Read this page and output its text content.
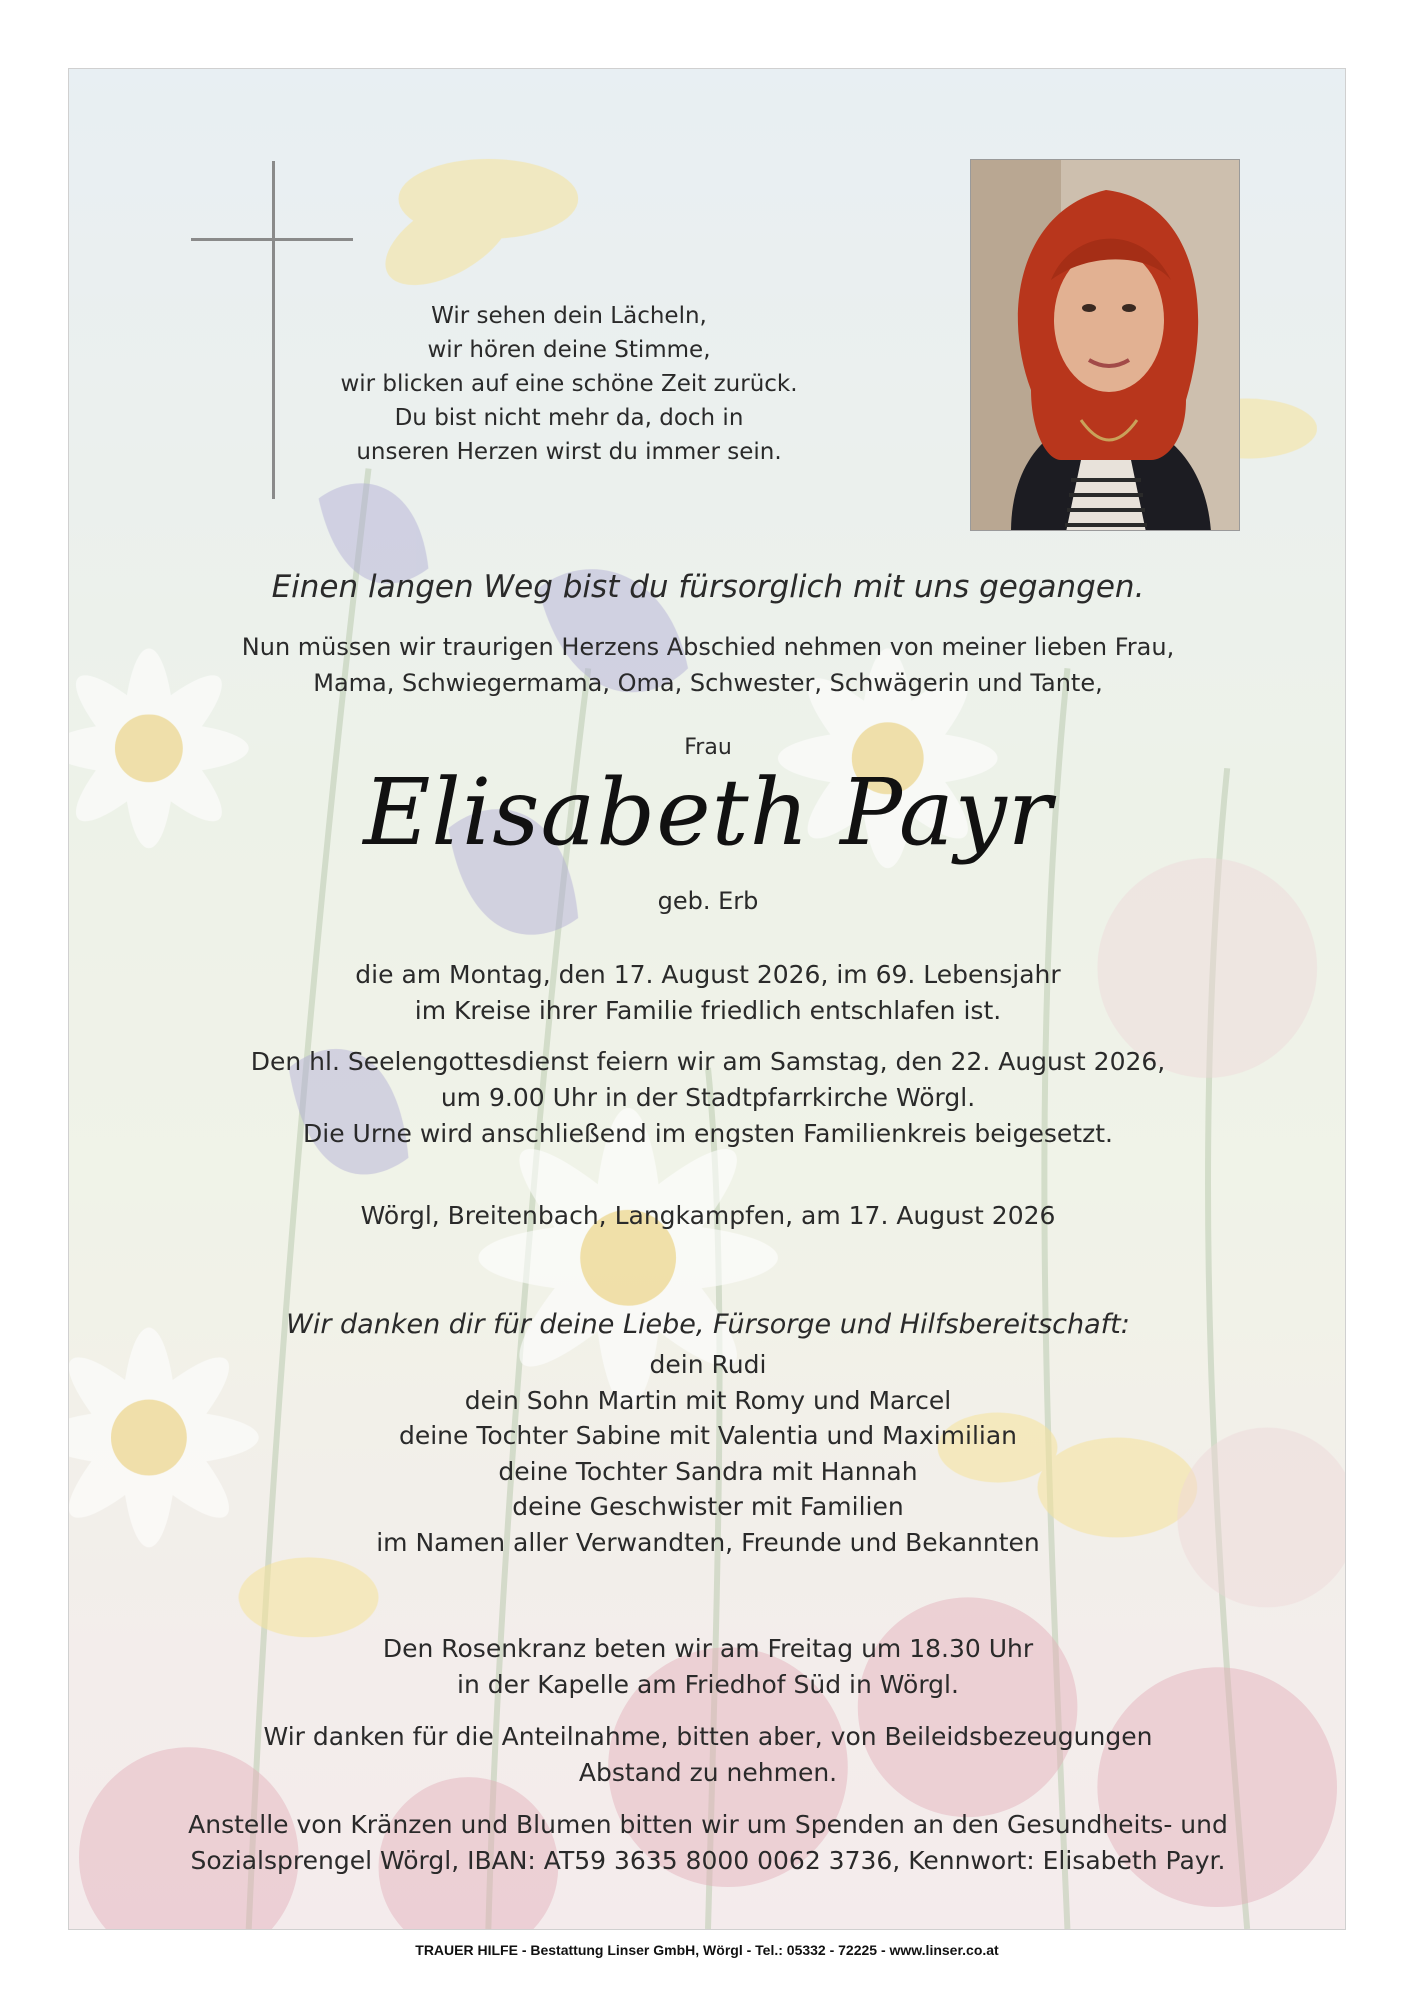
Wir sehen dein Lächeln,
wir hören deine Stimme,
wir blicken auf eine schöne Zeit zurück.
Du bist nicht mehr da, doch in
unseren Herzen wirst du immer sein.
Einen langen Weg bist du fürsorglich mit uns gegangen.
Nun müssen wir traurigen Herzens Abschied nehmen von meiner lieben Frau,
Mama, Schwiegermama, Oma, Schwester, Schwägerin und Tante,
Frau
Elisabeth Payr
geb. Erb
die am Montag, den 17. August 2026, im 69. Lebensjahr
im Kreise ihrer Familie friedlich entschlafen ist.
Den hl. Seelengottesdienst feiern wir am Samstag, den 22. August 2026,
um 9.00 Uhr in der Stadtpfarrkirche Wörgl.
Die Urne wird anschließend im engsten Familienkreis beigesetzt.
Wörgl, Breitenbach, Langkampfen, am 17. August 2026
Wir danken dir für deine Liebe, Fürsorge und Hilfsbereitschaft:
dein Rudi
dein Sohn Martin mit Romy und Marcel
deine Tochter Sabine mit Valentia und Maximilian
deine Tochter Sandra mit Hannah
deine Geschwister mit Familien
im Namen aller Verwandten, Freunde und Bekannten
Den Rosenkranz beten wir am Freitag um 18.30 Uhr
in der Kapelle am Friedhof Süd in Wörgl.
Wir danken für die Anteilnahme, bitten aber, von Beileidsbezeugungen
Abstand zu nehmen.
Anstelle von Kränzen und Blumen bitten wir um Spenden an den Gesundheits- und
Sozialsprengel Wörgl, IBAN: AT59 3635 8000 0062 3736, Kennwort: Elisabeth Payr.
TRAUER HILFE - Bestattung Linser GmbH, Wörgl - Tel.: 05332 - 72225 - www.linser.co.at
